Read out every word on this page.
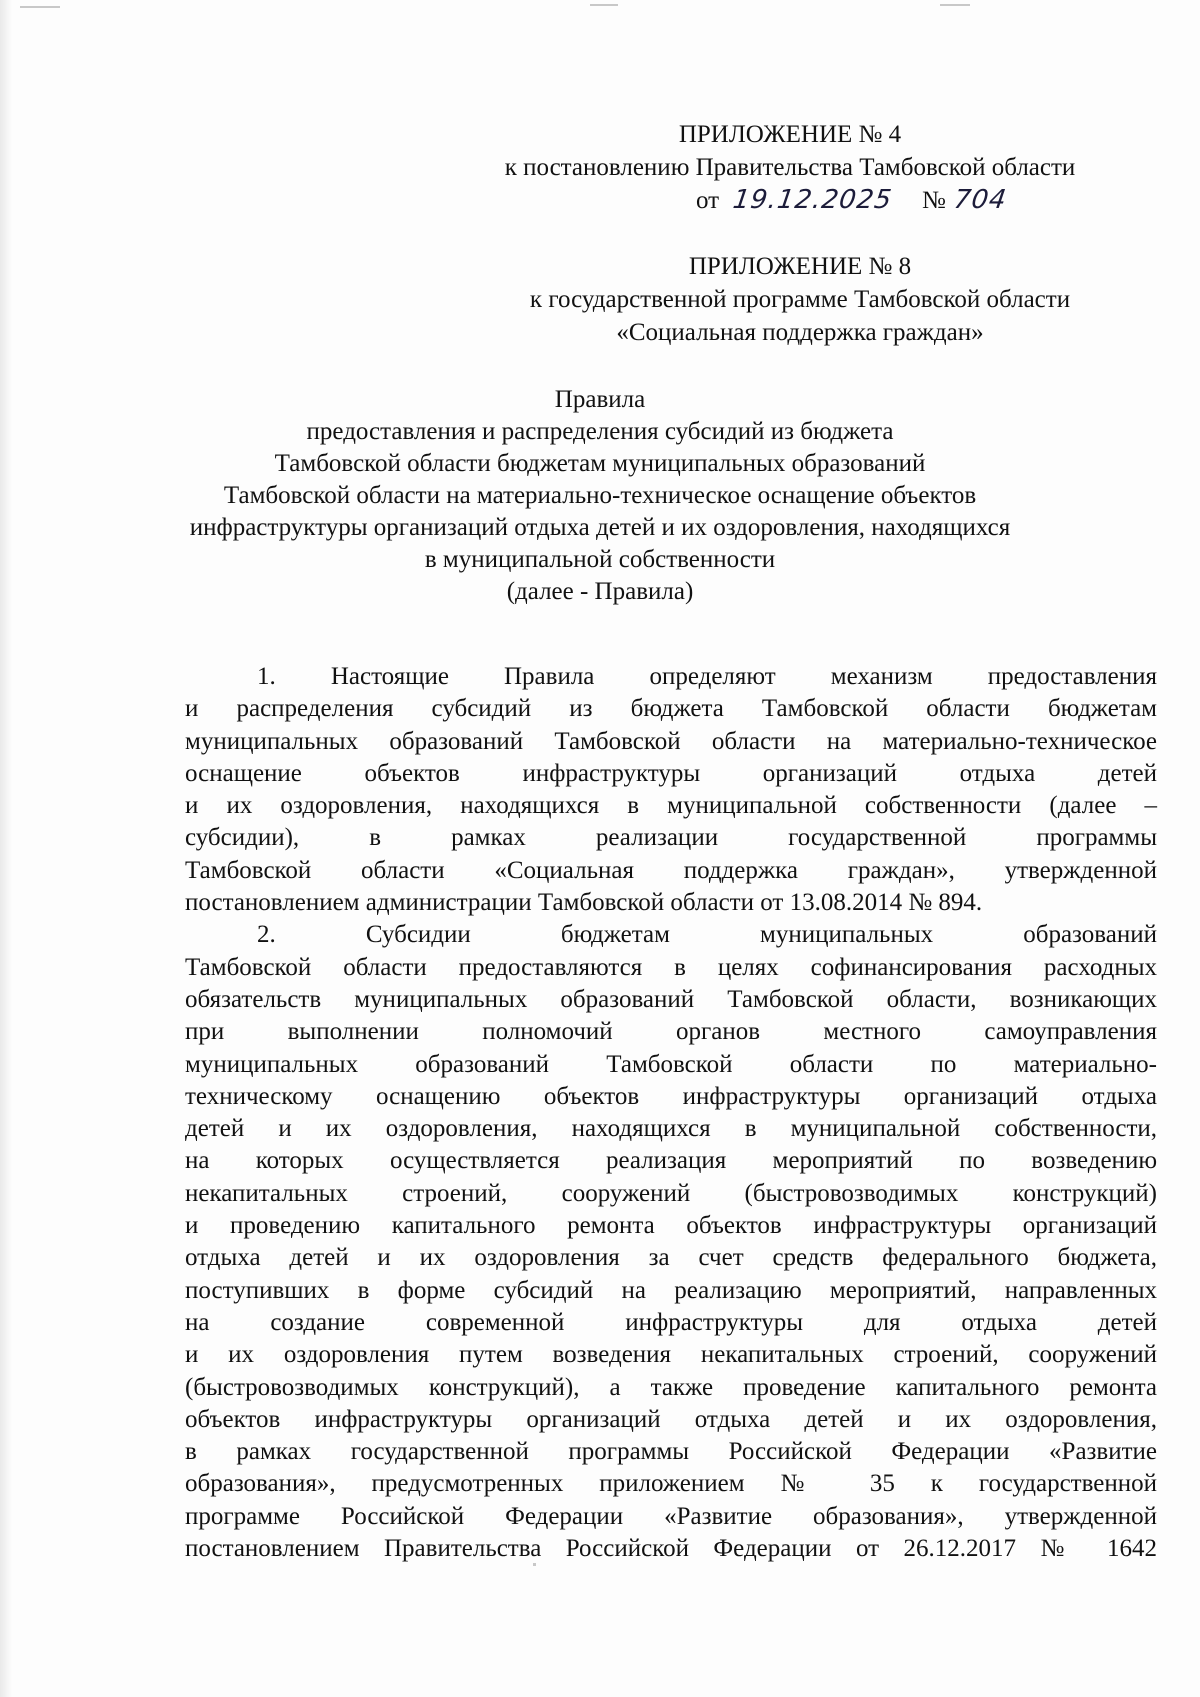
ПРИЛОЖЕНИЕ № 4
к постановлению Правительства Тамбовской области
от 19.12.2025 № 704
ПРИЛОЖЕНИЕ № 8
к государственной программе Тамбовской области
«Социальная поддержка граждан»
Правила
предоставления и распределения субсидий из бюджета
Тамбовской области бюджетам муниципальных образований
Тамбовской области на материально-техническое оснащение объектов
инфраструктуры организаций отдыха детей и их оздоровления, находящихся
в муниципальной собственности
(далее - Правила)
1. Настоящие Правила определяют механизм предоставления
и распределения субсидий из бюджета Тамбовской области бюджетам
муниципальных образований Тамбовской области на материально-техническое
оснащение объектов инфраструктуры организаций отдыха детей
и их оздоровления, находящихся в муниципальной собственности (далее –
субсидии), в рамках реализации государственной программы
Тамбовской области «Социальная поддержка граждан», утвержденной
постановлением администрации Тамбовской области от 13.08.2014 № 894.
2. Субсидии бюджетам муниципальных образований
Тамбовской области предоставляются в целях софинансирования расходных
обязательств муниципальных образований Тамбовской области, возникающих
при выполнении полномочий органов местного самоуправления
муниципальных образований Тамбовской области по материально-
техническому оснащению объектов инфраструктуры организаций отдыха
детей и их оздоровления, находящихся в муниципальной собственности,
на которых осуществляется реализация мероприятий по возведению
некапитальных строений, сооружений (быстровозводимых конструкций)
и проведению капитального ремонта объектов инфраструктуры организаций
отдыха детей и их оздоровления за счет средств федерального бюджета,
поступивших в форме субсидий на реализацию мероприятий, направленных
на создание современной инфраструктуры для отдыха детей
и их оздоровления путем возведения некапитальных строений, сооружений
(быстровозводимых конструкций), а также проведение капитального ремонта
объектов инфраструктуры организаций отдыха детей и их оздоровления,
в рамках государственной программы Российской Федерации «Развитие
образования», предусмотренных приложением № 35 к государственной
программе Российской Федерации «Развитие образования», утвержденной
постановлением Правительства Российской Федерации от 26.12.2017 № 1642
